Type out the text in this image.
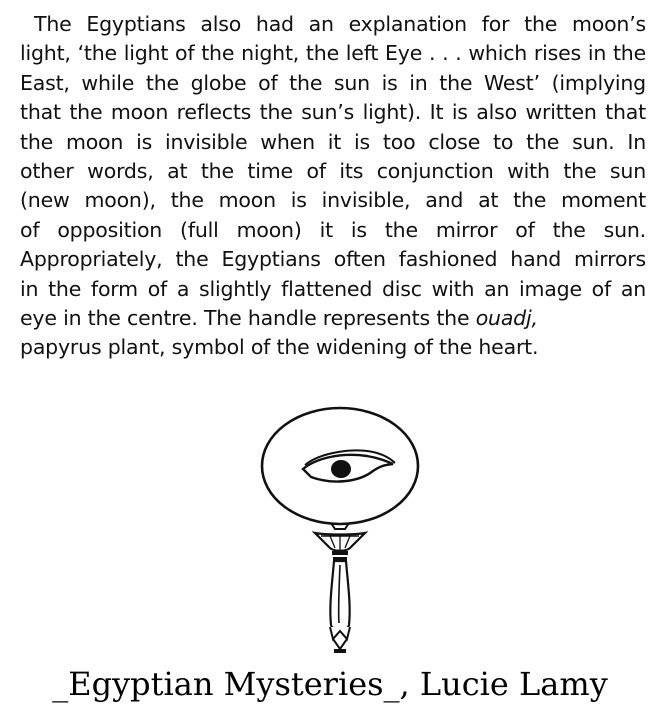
The Egyptians also had an explanation for the moon’s
light, ‘the light of the night, the left Eye . . . which rises in the
East, while the globe of the sun is in the West’ (implying
that the moon reflects the sun’s light). It is also written that
the moon is invisible when it is too close to the sun. In
other words, at the time of its conjunction with the sun
(new moon), the moon is invisible, and at the moment
of opposition (full moon) it is the mirror of the sun.
Appropriately, the Egyptians often fashioned hand mirrors
in the form of a slightly flattened disc with an image of an
eye in the centre. The handle represents the ouadj,
papyrus plant, symbol of the widening of the heart.
_Egyptian Mysteries_, Lucie Lamy
